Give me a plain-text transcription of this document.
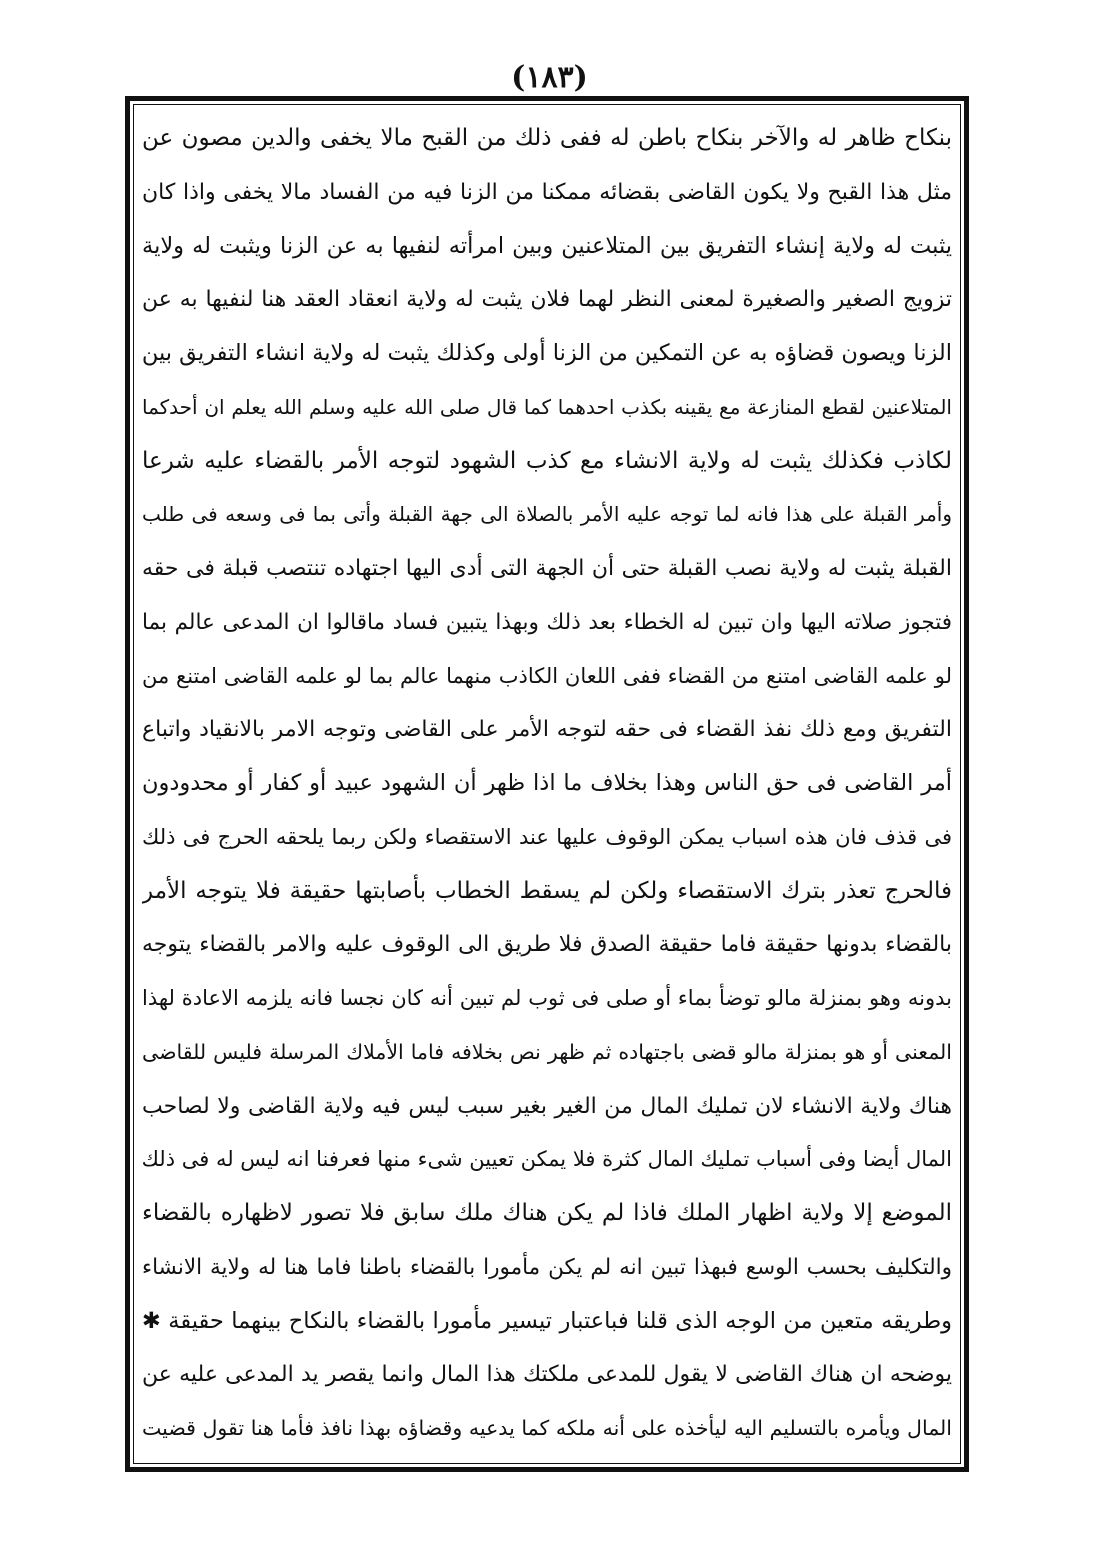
(١٨٣)
بنكاح ظاهر له والآخر بنكاح باطن له ففى ذلك من القبح مالا يخفى والدين مصون عن
مثل هذا القبح ولا يكون القاضى بقضائه ممكنا من الزنا فيه من الفساد مالا يخفى واذا كان
يثبت له ولاية إنشاء التفريق بين المتلاعنين وبين امرأته لنفيها به عن الزنا ويثبت له ولاية
تزويج الصغير والصغيرة لمعنى النظر لهما فلان يثبت له ولاية انعقاد العقد هنا لنفيها به عن
الزنا ويصون قضاؤه به عن التمكين من الزنا أولى وكذلك يثبت له ولاية انشاء التفريق بين
المتلاعنين لقطع المنازعة مع يقينه بكذب احدهما كما قال صلى الله عليه وسلم الله يعلم ان أحدكما
لكاذب فكذلك يثبت له ولاية الانشاء مع كذب الشهود لتوجه الأمر بالقضاء عليه شرعا
وأمر القبلة على هذا فانه لما توجه عليه الأمر بالصلاة الى جهة القبلة وأتى بما فى وسعه فى طلب
القبلة يثبت له ولاية نصب القبلة حتى أن الجهة التى أدى اليها اجتهاده تنتصب قبلة فى حقه
فتجوز صلاته اليها وان تبين له الخطاء بعد ذلك وبهذا يتبين فساد ماقالوا ان المدعى عالم بما
لو علمه القاضى امتنع من القضاء ففى اللعان الكاذب منهما عالم بما لو علمه القاضى امتنع من
التفريق ومع ذلك نفذ القضاء فى حقه لتوجه الأمر على القاضى وتوجه الامر بالانقياد واتباع
أمر القاضى فى حق الناس وهذا بخلاف ما اذا ظهر أن الشهود عبيد أو كفار أو محدودون
فى قذف فان هذه اسباب يمكن الوقوف عليها عند الاستقصاء ولكن ربما يلحقه الحرج فى ذلك
فالحرج تعذر بترك الاستقصاء ولكن لم يسقط الخطاب بأصابتها حقيقة فلا يتوجه الأمر
بالقضاء بدونها حقيقة فاما حقيقة الصدق فلا طريق الى الوقوف عليه والامر بالقضاء يتوجه
بدونه وهو بمنزلة مالو توضأ بماء أو صلى فى ثوب لم تبين أنه كان نجسا فانه يلزمه الاعادة لهذا
المعنى أو هو بمنزلة مالو قضى باجتهاده ثم ظهر نص بخلافه فاما الأملاك المرسلة فليس للقاضى
هناك ولاية الانشاء لان تمليك المال من الغير بغير سبب ليس فيه ولاية القاضى ولا لصاحب
المال أيضا وفى أسباب تمليك المال كثرة فلا يمكن تعيين شىء منها فعرفنا انه ليس له فى ذلك
الموضع إلا ولاية اظهار الملك فاذا لم يكن هناك ملك سابق فلا تصور لاظهاره بالقضاء
والتكليف بحسب الوسع فبهذا تبين انه لم يكن مأمورا بالقضاء باطنا فاما هنا له ولاية الانشاء
وطريقه متعين من الوجه الذى قلنا فباعتبار تيسير مأمورا بالقضاء بالنكاح بينهما حقيقة ✱
يوضحه ان هناك القاضى لا يقول للمدعى ملكتك هذا المال وانما يقصر يد المدعى عليه عن
المال ويأمره بالتسليم اليه ليأخذه على أنه ملكه كما يدعيه وقضاؤه بهذا نافذ فأما هنا تقول قضيت
